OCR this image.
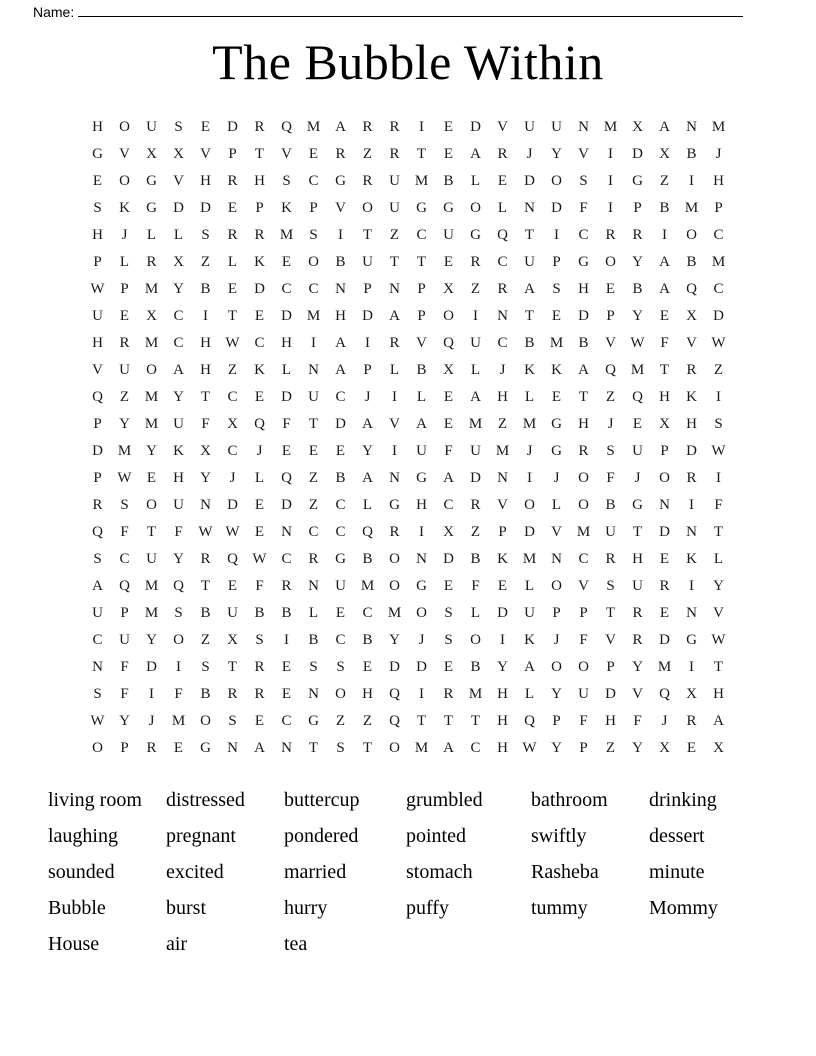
Name:
The Bubble Within
H	O	U	S	E	D	R	Q M A	R	R	I	E	D	V	U	U	N M X	A	N M
G	V	X	X	V	P	T	V	E	R	Z	R	T	E	A	R	J	Y	V	I	D	X	B	J
E	O	G	V	H	R	H	S	C	G	R	U M	B	L	E	D	O	S	I	G	Z	I	H
S	K	G	D	D	E	P	K	P	V	O	U	G	G	O	L	N	D	F	I	P	B	M	P
H	J	L	L	S	R	R	M	S	I	T	Z	C	U	G	Q	T	I	C	R	R	I	O	C
P	L	R	X	Z	L	K	E	O	B	U	T	T	E	R	C	U	P	G	O	Y	A	B	M
W	P	M Y	B	E	D	C	C	N	P	N	P	X	Z	R	A	S	H	E	B	A	Q	C
U	E	X	C	I	T	E	D M H	D	A	P	O	I	N	T	E	D	P	Y	E	X	D
H	R	M	C	H W C	H	I	A	I	R	V	Q	U	C	B	M	B	V W	F	V W
V	U	O	A	H	Z	K	L	N	A	P	L	B	X	L	J	K	K	A	Q M	T	R	Z
Q	Z	M Y	T	C	E	D	U	C	J	I	L	E	A	H	L	E	T	Z	Q	H	K	I
P	Y M U	F	X	Q	F	T	D	A	V	A	E	M	Z	M G	H	J	E	X	H	S
D M Y	K	X	C	J	E	E	E	Y	I	U	F	U M	J	G	R	S	U	P	D W
P	W	E	H	Y	J	L	Q	Z	B	A	N	G	A	D	N	I	J	O	F	J	O	R	I
R	S	O	U	N	D	E	D	Z	C	L	G	H	C	R	V	O	L	O	B	G	N	I	F
Q	F	T	F	W W	E	N	C	C	Q	R	I	X	Z	P	D	V M U	T	D	N	T
S	C	U	Y	R	Q W C	R	G	B	O	N	D	B	K M N	C	R	H	E	K	L
A	Q M Q	T	E	F	R	N	U M O	G	E	F	E	L	O	V	S	U	R	I	Y
U	P	M	S	B	U	B	B	L	E	C	M O	S	L	D	U	P	P	T	R	E	N	V
C	U	Y	O	Z	X	S	I	B	C	B	Y	J	S	O	I	K	J	F	V	R	D	G W
N	F	D	I	S	T	R	E	S	S	E	D	D	E	B	Y	A	O	O	P	Y M	I	T
S	F	I	F	B	R	R	E	N	O	H	Q	I	R	M H	L	Y	U	D	V	Q	X	H
W Y	J	M O	S	E	C	G	Z	Z	Q	T	T	T	H	Q	P	F	H	F	J	R	A
O	P	R	E	G	N	A	N	T	S	T	O M A	C	H W Y	P	Z	Y	X	E	X
living room	distressed	buttercup	grumbled	bathroom	drinking
laughing	pregnant	pondered	pointed	swiftly	dessert
sounded	excited	married	stomach	Rasheba	minute
Bubble	burst	hurry	puffy	tummy	Mommy
House	air	tea
